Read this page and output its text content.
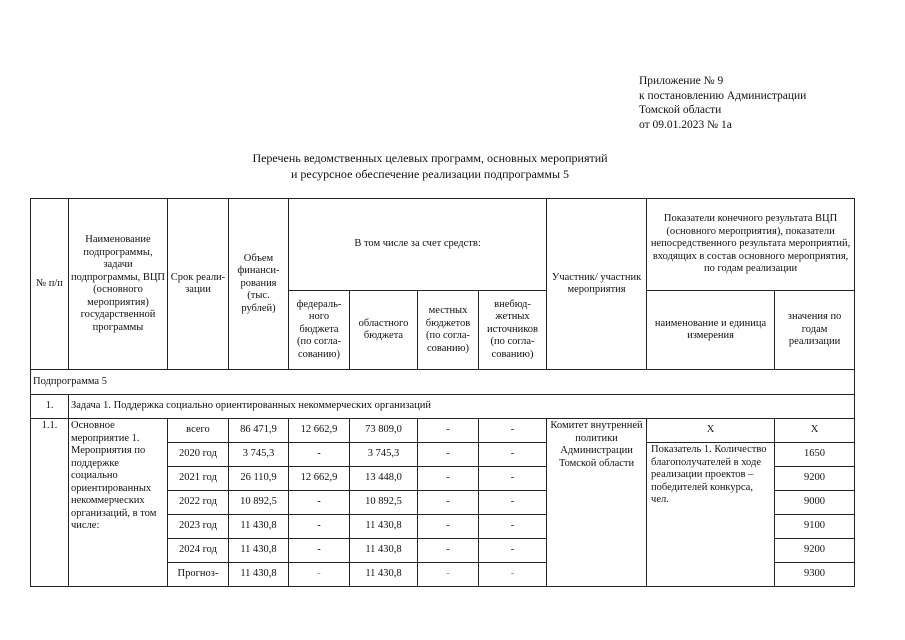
Приложение № 9
к постановлению Администрации
Томской области
от 09.01.2023 № 1а
Перечень ведомственных целевых программ, основных мероприятий
и ресурсное обеспечение реализации подпрограммы 5
№ п/п	Наименование подпрограммы, задачи подпрограммы, ВЦП (основного мероприятия) государственной программы	Срок реали-зации	Объем финанси-рования (тыс. рублей)	В том числе за счет средств:				Участник/ участник мероприятия	Показатели конечного результата ВЦП (основного мероприятия), показатели непосредственного результата мероприятий, входящих в состав основного мероприятия, по годам реализации	
				федераль-ного бюджета (по согла-сованию)	областного бюджета	местных бюджетов (по согла-сованию)	внебюд-жетных источников (по согла-сованию)		наименование и единица измерения	значения по годам реализации
Подпрограмма 5										
1.	Задача 1. Поддержка социально ориентированных некоммерческих организаций									
1.1.	Основное мероприятие 1. Мероприятия по поддержке социально ориентированных некоммерческих организаций, в том числе:	всего	86 471,9	12 662,9	73 809,0	-	-	Комитет внутренней политики Администрации Томской области	Х	Х
		2020 год	3 745,3	-	3 745,3	-	-		Показатель 1. Количество благополучателей в ходе реализации проектов – победителей конкурса, чел.	1650
		2021 год	26 110,9	12 662,9	13 448,0	-	-			9200
		2022 год	10 892,5	-	10 892,5	-	-			9000
		2023 год	11 430,8	-	11 430,8	-	-			9100
		2024 год	11 430,8	-	11 430,8	-	-			9200
		Прогноз-	11 430,8	-	11 430,8	-	-			9300
